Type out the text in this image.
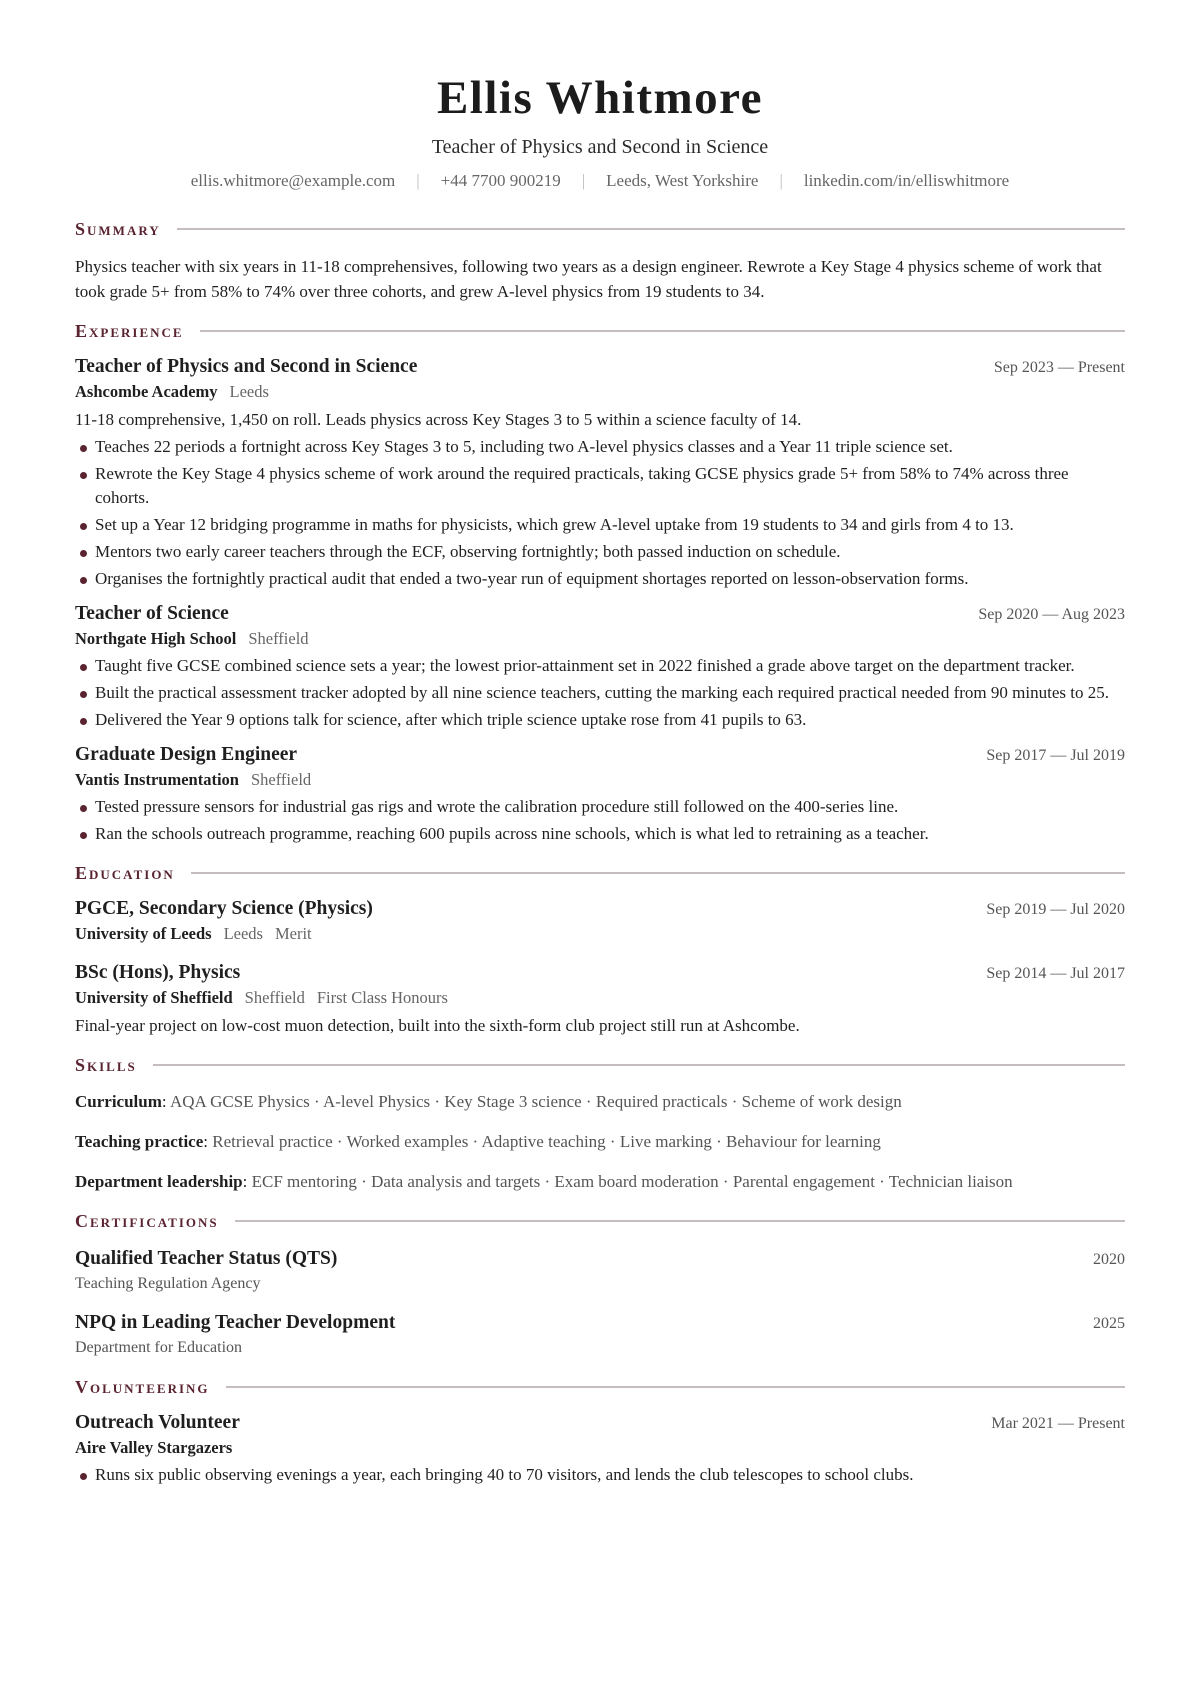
Ellis Whitmore
Teacher of Physics and Second in Science
ellis.whitmore@example.com | +44 7700 900219 | Leeds, West Yorkshire | linkedin.com/in/elliswhitmore
Summary
Physics teacher with six years in 11-18 comprehensives, following two years as a design engineer. Rewrote a Key Stage 4 physics scheme of work that took grade 5+ from 58% to 74% over three cohorts, and grew A-level physics from 19 students to 34.
Experience
Teacher of Physics and Second in Science	Sep 2023 — Present
Ashcombe Academy Leeds
11-18 comprehensive, 1,450 on roll. Leads physics across Key Stages 3 to 5 within a science faculty of 14.
Teaches 22 periods a fortnight across Key Stages 3 to 5, including two A-level physics classes and a Year 11 triple science set.
Rewrote the Key Stage 4 physics scheme of work around the required practicals, taking GCSE physics grade 5+ from 58% to 74% across three cohorts.
Set up a Year 12 bridging programme in maths for physicists, which grew A-level uptake from 19 students to 34 and girls from 4 to 13.
Mentors two early career teachers through the ECF, observing fortnightly; both passed induction on schedule.
Organises the fortnightly practical audit that ended a two-year run of equipment shortages reported on lesson-observation forms.
Teacher of Science	Sep 2020 — Aug 2023
Northgate High School Sheffield
Taught five GCSE combined science sets a year; the lowest prior-attainment set in 2022 finished a grade above target on the department tracker.
Built the practical assessment tracker adopted by all nine science teachers, cutting the marking each required practical needed from 90 minutes to 25.
Delivered the Year 9 options talk for science, after which triple science uptake rose from 41 pupils to 63.
Graduate Design Engineer	Sep 2017 — Jul 2019
Vantis Instrumentation Sheffield
Tested pressure sensors for industrial gas rigs and wrote the calibration procedure still followed on the 400-series line.
Ran the schools outreach programme, reaching 600 pupils across nine schools, which is what led to retraining as a teacher.
Education
PGCE, Secondary Science (Physics)	Sep 2019 — Jul 2020
University of Leeds Leeds Merit
BSc (Hons), Physics	Sep 2014 — Jul 2017
University of Sheffield Sheffield First Class Honours
Final-year project on low-cost muon detection, built into the sixth-form club project still run at Ashcombe.
Skills
Curriculum: AQA GCSE Physics · A-level Physics · Key Stage 3 science · Required practicals · Scheme of work design
Teaching practice: Retrieval practice · Worked examples · Adaptive teaching · Live marking · Behaviour for learning
Department leadership: ECF mentoring · Data analysis and targets · Exam board moderation · Parental engagement · Technician liaison
Certifications
Qualified Teacher Status (QTS)	2020
Teaching Regulation Agency
NPQ in Leading Teacher Development	2025
Department for Education
Volunteering
Outreach Volunteer	Mar 2021 — Present
Aire Valley Stargazers
Runs six public observing evenings a year, each bringing 40 to 70 visitors, and lends the club telescopes to school clubs.
